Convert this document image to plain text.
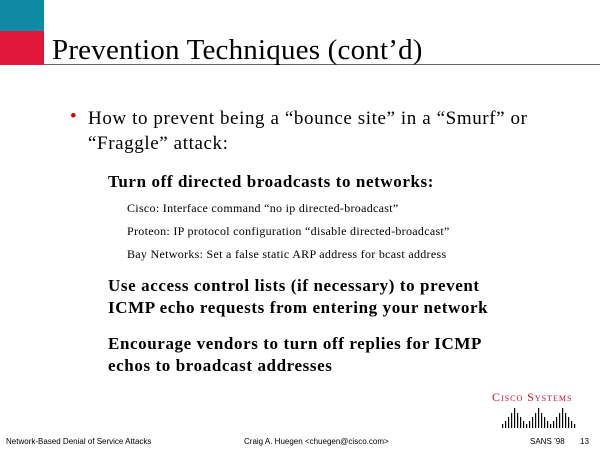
Prevention Techniques (cont’d)
• How to prevent being a “bounce site” in a “Smurf” or “Fraggle” attack:
Turn off directed broadcasts to networks:
Cisco: Interface command “no ip directed-broadcast”
Proteon: IP protocol configuration “disable directed-broadcast”
Bay Networks: Set a false static ARP address for bcast address
Use access control lists (if necessary) to prevent
ICMP echo requests from entering your network
Encourage vendors to turn off replies for ICMP
echos to broadcast addresses
Cisco Systems
Network-Based Denial of Service Attacks	Craig A. Huegen <chuegen@cisco.com>	SANS ’98 13
